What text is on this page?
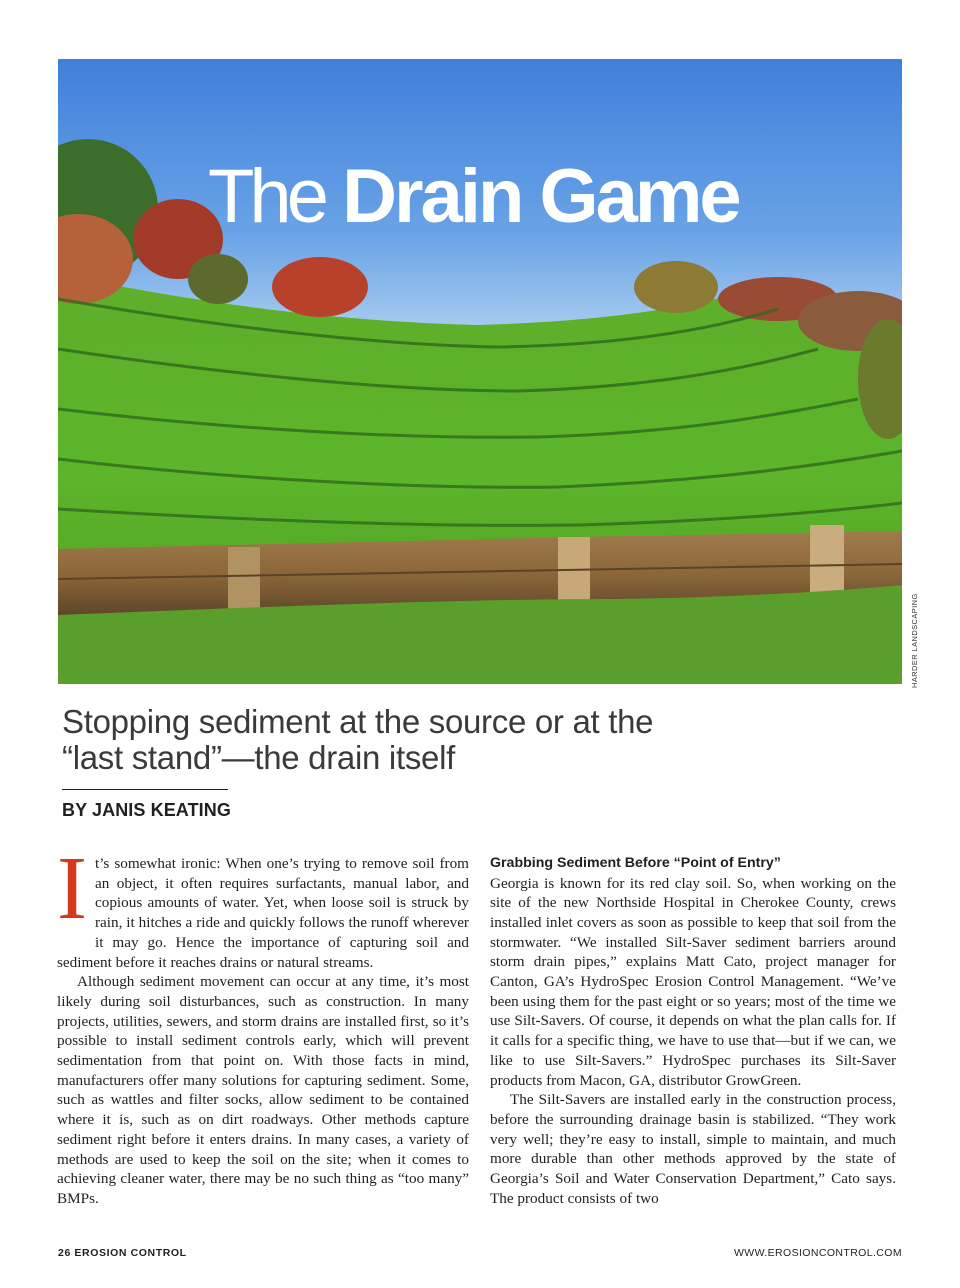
The Drain Game
HARDER LANDSCAPING
Stopping sediment at the source or at the
“last stand”—the drain itself
BY JANIS KEATING
I t’s somewhat ironic: When one’s trying to remove soil from an object, it often requires surfactants, manual labor, and copious amounts of water. Yet, when loose soil is struck by rain, it hitches a ride and quickly follows the runoff wherever it may go. Hence the importance of capturing soil and sediment before it reaches drains or natural streams.

Although sediment movement can occur at any time, it’s most likely during soil disturbances, such as construction. In many projects, utilities, sewers, and storm drains are installed first, so it’s possible to install sediment controls early, which will prevent sedimentation from that point on. With those facts in mind, manufacturers offer many solutions for capturing sediment. Some, such as wattles and filter socks, allow sediment to be contained where it is, such as on dirt roadways. Other methods capture sediment right before it enters drains. In many cases, a variety of methods are used to keep the soil on the site; when it comes to achieving cleaner water, there may be no such thing as “too many” BMPs.

Grabbing Sediment Before “Point of Entry”

Georgia is known for its red clay soil. So, when working on the site of the new Northside Hospital in Cherokee County, crews installed inlet covers as soon as possible to keep that soil from the stormwater. “We installed Silt-Saver sediment barriers around storm drain pipes,” explains Matt Cato, project manager for Canton, GA’s HydroSpec Erosion Control Management. “We’ve been using them for the past eight or so years; most of the time we use Silt-Savers. Of course, it depends on what the plan calls for. If it calls for a specific thing, we have to use that—but if we can, we like to use Silt-Savers.” HydroSpec purchases its Silt-Saver products from Macon, GA, distributor GrowGreen.

The Silt-Savers are installed early in the construction process, before the surrounding drainage basin is stabilized. “They work very well; they’re easy to install, simple to maintain, and much more durable than other methods approved by the state of Georgia’s Soil and Water Conservation Department,” Cato says. The product consists of two

26 EROSION CONTROL	WWW.EROSIONCONTROL.COM
